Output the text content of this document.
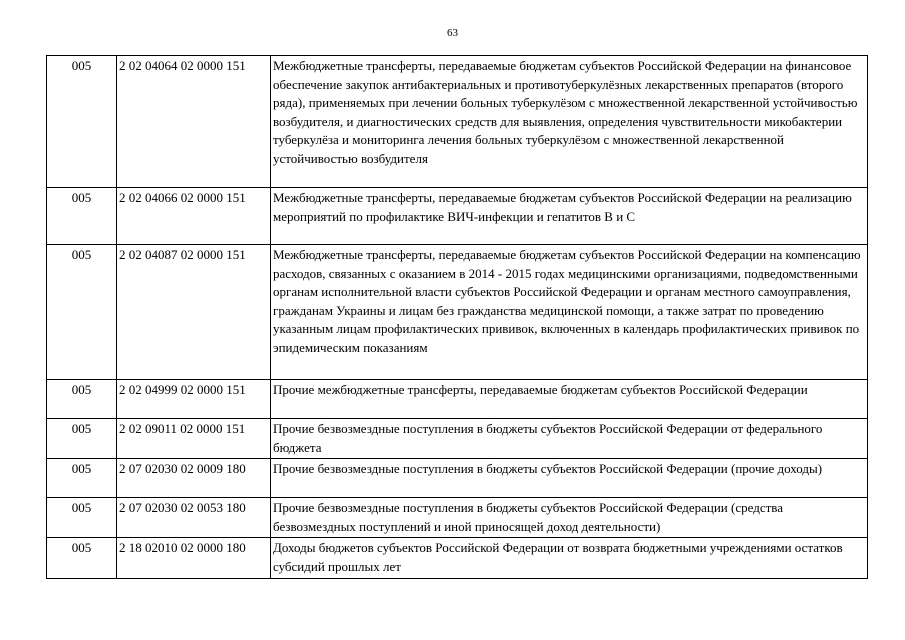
63
005	2 02 04064 02 0000 151	Межбюджетные трансферты, передаваемые бюджетам субъектов Российской Федерации на финансовое обеспечение закупок антибактериальных и противотуберкулёзных лекарственных препаратов (второго ряда), применяемых при лечении больных туберкулёзом с множественной лекарственной устойчивостью возбудителя, и диагностических средств для выявления, определения чувствительности микобактерии туберкулёза и мониторинга лечения больных туберкулёзом с множественной лекарственной устойчивостью возбудителя
005	2 02 04066 02 0000 151	Межбюджетные трансферты, передаваемые бюджетам субъектов Российской Федерации на реализацию мероприятий по профилактике ВИЧ-инфекции и гепатитов В и С
005	2 02 04087 02 0000 151	Межбюджетные трансферты, передаваемые бюджетам субъектов Российской Федерации на компенсацию расходов, связанных с оказанием в 2014 - 2015 годах медицинскими организациями, подведомственными органам исполнительной власти субъектов Российской Федерации и органам местного самоуправления, гражданам Украины и лицам без гражданства медицинской помощи, а также затрат по проведению указанным лицам профилактических прививок, включенных в календарь профилактических прививок по эпидемическим показаниям
005	2 02 04999 02 0000 151	Прочие межбюджетные трансферты, передаваемые бюджетам субъектов Российской Федерации
005	2 02 09011 02 0000 151	Прочие безвозмездные поступления в бюджеты субъектов Российской Федерации от федерального бюджета
005	2 07 02030 02 0009 180	Прочие безвозмездные поступления в бюджеты субъектов Российской Федерации (прочие доходы)
005	2 07 02030 02 0053 180	Прочие безвозмездные поступления в бюджеты субъектов Российской Федерации (средства безвозмездных поступлений и иной приносящей доход деятельности)
005	2 18 02010 02 0000 180	Доходы бюджетов субъектов Российской Федерации от возврата бюджетными учреждениями остатков субсидий прошлых лет
